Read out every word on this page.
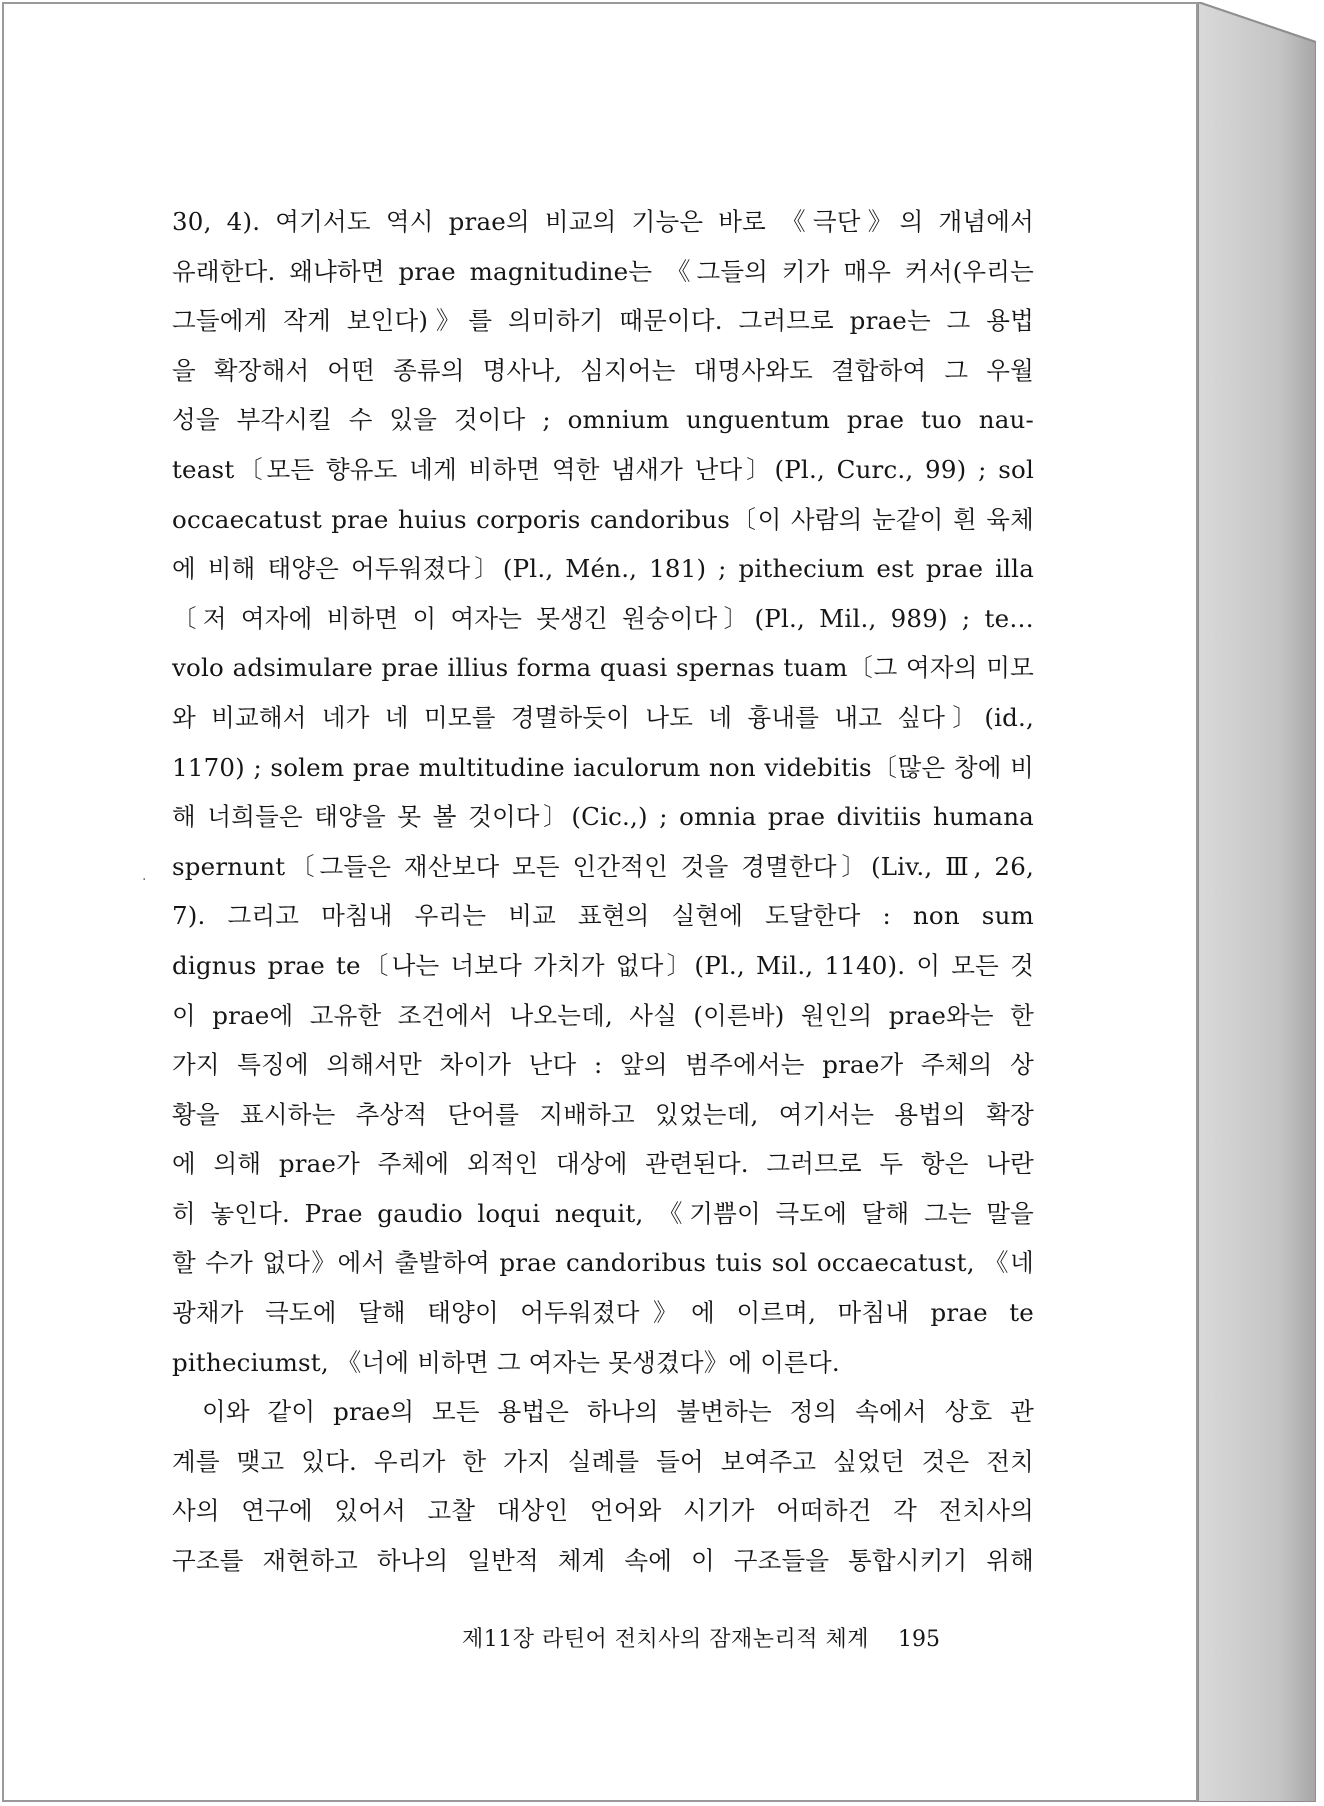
·
30, 4). 여기서도 역시 prae의 비교의 기능은 바로 《극단》의 개념에서
유래한다. 왜냐하면 prae magnitudine는 《그들의 키가 매우 커서(우리는
그들에게 작게 보인다)》를 의미하기 때문이다. 그러므로 prae는 그 용법
을 확장해서 어떤 종류의 명사나, 심지어는 대명사와도 결합하여 그 우월
성을 부각시킬 수 있을 것이다 ; omnium unguentum prae tuo nau-
teast〔모든 향유도 네게 비하면 역한 냄새가 난다〕(Pl., Curc., 99) ; sol
occaecatust prae huius corporis candoribus〔이 사람의 눈같이 흰 육체
에 비해 태양은 어두워졌다〕(Pl., Mén., 181) ; pithecium est prae illa
〔저 여자에 비하면 이 여자는 못생긴 원숭이다〕(Pl., Mil., 989) ; te…
volo adsimulare prae illius forma quasi spernas tuam〔그 여자의 미모
와 비교해서 네가 네 미모를 경멸하듯이 나도 네 흉내를 내고 싶다〕(id.,
1170) ; solem prae multitudine iaculorum non videbitis〔많은 창에 비
해 너희들은 태양을 못 볼 것이다〕(Cic.,) ; omnia prae divitiis humana
spernunt〔그들은 재산보다 모든 인간적인 것을 경멸한다〕(Liv., Ⅲ, 26,
7). 그리고 마침내 우리는 비교 표현의 실현에 도달한다 : non sum
dignus prae te〔나는 너보다 가치가 없다〕(Pl., Mil., 1140). 이 모든 것
이 prae에 고유한 조건에서 나오는데, 사실 (이른바) 원인의 prae와는 한
가지 특징에 의해서만 차이가 난다 : 앞의 범주에서는 prae가 주체의 상
황을 표시하는 추상적 단어를 지배하고 있었는데, 여기서는 용법의 확장
에 의해 prae가 주체에 외적인 대상에 관련된다. 그러므로 두 항은 나란
히 놓인다. Prae gaudio loqui nequit, 《기쁨이 극도에 달해 그는 말을
할 수가 없다》에서 출발하여 prae candoribus tuis sol occaecatust, 《네
광채가 극도에 달해 태양이 어두워졌다》에 이르며, 마침내 prae te
pitheciumst, 《너에 비하면 그 여자는 못생겼다》에 이른다.
이와 같이 prae의 모든 용법은 하나의 불변하는 정의 속에서 상호 관
계를 맺고 있다. 우리가 한 가지 실례를 들어 보여주고 싶었던 것은 전치
사의 연구에 있어서 고찰 대상인 언어와 시기가 어떠하건 각 전치사의
구조를 재현하고 하나의 일반적 체계 속에 이 구조들을 통합시키기 위해
제11장 라틴어 전치사의 잠재논리적 체계 195
